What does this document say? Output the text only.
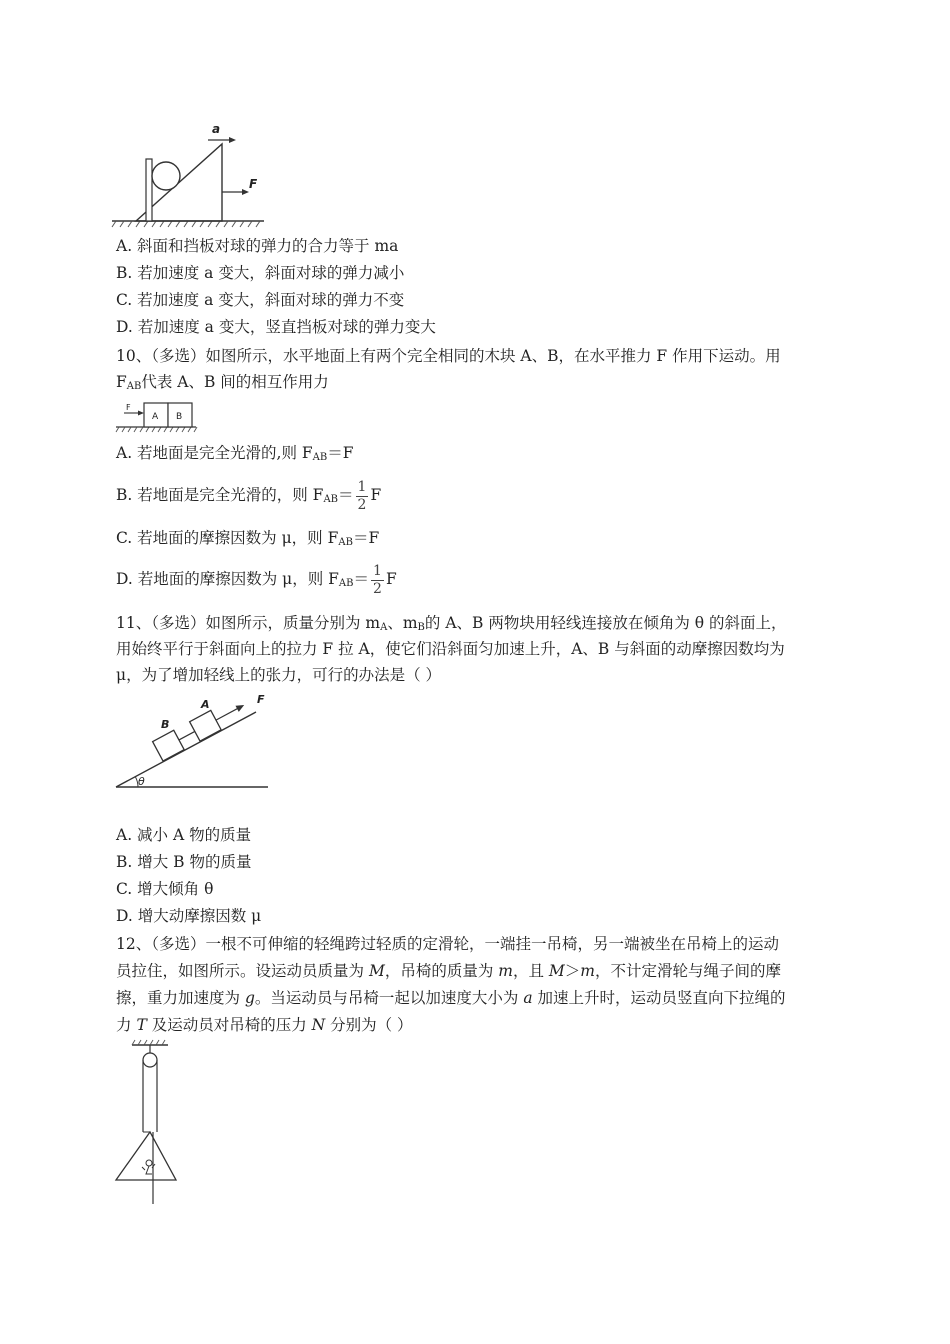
a
F
A. 斜面和挡板对球的弹力的合力等于 ma
B. 若加速度 a 变大，斜面对球的弹力减小
C. 若加速度 a 变大，斜面对球的弹力不变
D. 若加速度 a 变大，竖直挡板对球的弹力变大
10、（多选）如图所示，水平地面上有两个完全相同的木块 A、B，在水平推力 F 作用下运动。用
$F_{AB}$代表 A、B 间的相互作用力
F
A B
A. 若地面是完全光滑的,则 $F_{AB}=F$
B. 若地面是完全光滑的，则 $F_{AB}= \frac{1}{2}$ F
C. 若地面的摩擦因数为 μ，则 $F_{AB}=F$
D. 若地面的摩擦因数为 μ，则 $F_{AB}= \frac{1}{2}$ F
11、（多选）如图所示，质量分别为 $m_A$、$m_B$的 A、B 两物块用轻线连接放在倾角为 θ 的斜面上，
用始终平行于斜面向上的拉力 F 拉 A，使它们沿斜面匀加速上升，A、B 与斜面的动摩擦因数均为
μ，为了增加轻线上的张力，可行的办法是（ ）
θ
B
A	F
A. 减小 A 物的质量
B. 增大 B 物的质量
C. 增大倾角 θ
D. 增大动摩擦因数 μ
12、（多选）一根不可伸缩的轻绳跨过轻质的定滑轮，一端挂一吊椅，另一端被坐在吊椅上的运动
员拉住，如图所示。设运动员质量为 M，吊椅的质量为 m，且 M＞m，不计定滑轮与绳子间的摩
擦，重力加速度为 g。当运动员与吊椅一起以加速度大小为 a 加速上升时，运动员竖直向下拉绳的
力 T 及运动员对吊椅的压力 N 分别为（ ）
